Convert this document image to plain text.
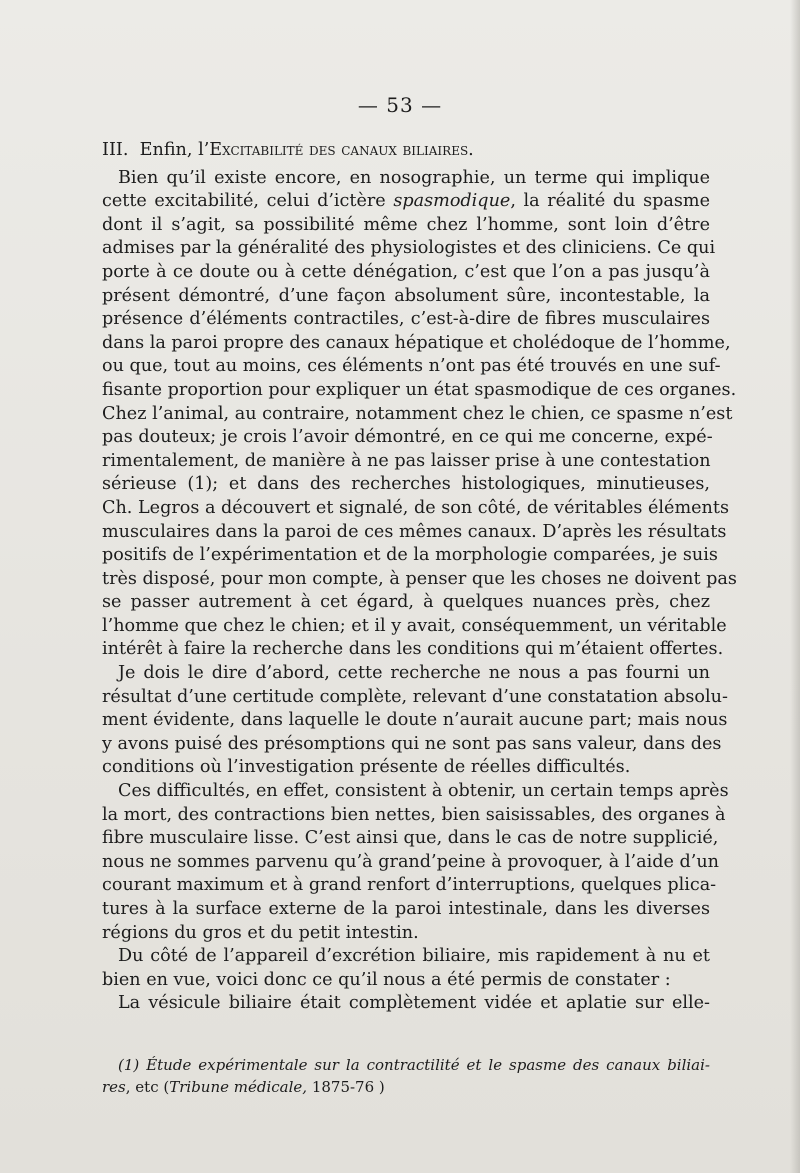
— 53 —
III. Enfin, l’Excitabilité des canaux biliaires.
Bien qu’il existe encore, en nosographie, un terme qui implique
cette excitabilité, celui d’ictère spasmodique, la réalité du spasme
dont il s’agit, sa possibilité même chez l’homme, sont loin d’être
admises par la généralité des physiologistes et des cliniciens. Ce qui
porte à ce doute ou à cette dénégation, c’est que l’on a pas jusqu’à
présent démontré, d’une façon absolument sûre, incontestable, la
présence d’éléments contractiles, c’est-à-dire de fibres musculaires
dans la paroi propre des canaux hépatique et cholédoque de l’homme,
ou que, tout au moins, ces éléments n’ont pas été trouvés en une suf-
fisante proportion pour expliquer un état spasmodique de ces organes.
Chez l’animal, au contraire, notamment chez le chien, ce spasme n’est
pas douteux; je crois l’avoir démontré, en ce qui me concerne, expé-
rimentalement, de manière à ne pas laisser prise à une contestation
sérieuse (1); et dans des recherches histologiques, minutieuses,
Ch. Legros a découvert et signalé, de son côté, de véritables éléments
musculaires dans la paroi de ces mêmes canaux. D’après les résultats
positifs de l’expérimentation et de la morphologie comparées, je suis
très disposé, pour mon compte, à penser que les choses ne doivent pas
se passer autrement à cet égard, à quelques nuances près, chez
l’homme que chez le chien; et il y avait, conséquemment, un véritable
intérêt à faire la recherche dans les conditions qui m’étaient offertes.
Je dois le dire d’abord, cette recherche ne nous a pas fourni un
résultat d’une certitude complète, relevant d’une constatation absolu-
ment évidente, dans laquelle le doute n’aurait aucune part; mais nous
y avons puisé des présomptions qui ne sont pas sans valeur, dans des
conditions où l’investigation présente de réelles difficultés.
Ces difficultés, en effet, consistent à obtenir, un certain temps après
la mort, des contractions bien nettes, bien saisissables, des organes à
fibre musculaire lisse. C’est ainsi que, dans le cas de notre supplicié,
nous ne sommes parvenu qu’à grand’peine à provoquer, à l’aide d’un
courant maximum et à grand renfort d’interruptions, quelques plica-
tures à la surface externe de la paroi intestinale, dans les diverses
régions du gros et du petit intestin.
Du côté de l’appareil d’excrétion biliaire, mis rapidement à nu et
bien en vue, voici donc ce qu’il nous a été permis de constater :
La vésicule biliaire était complètement vidée et aplatie sur elle-
(1) Étude expérimentale sur la contractilité et le spasme des canaux biliai-
res, etc (Tribune médicale, 1875-76 )
